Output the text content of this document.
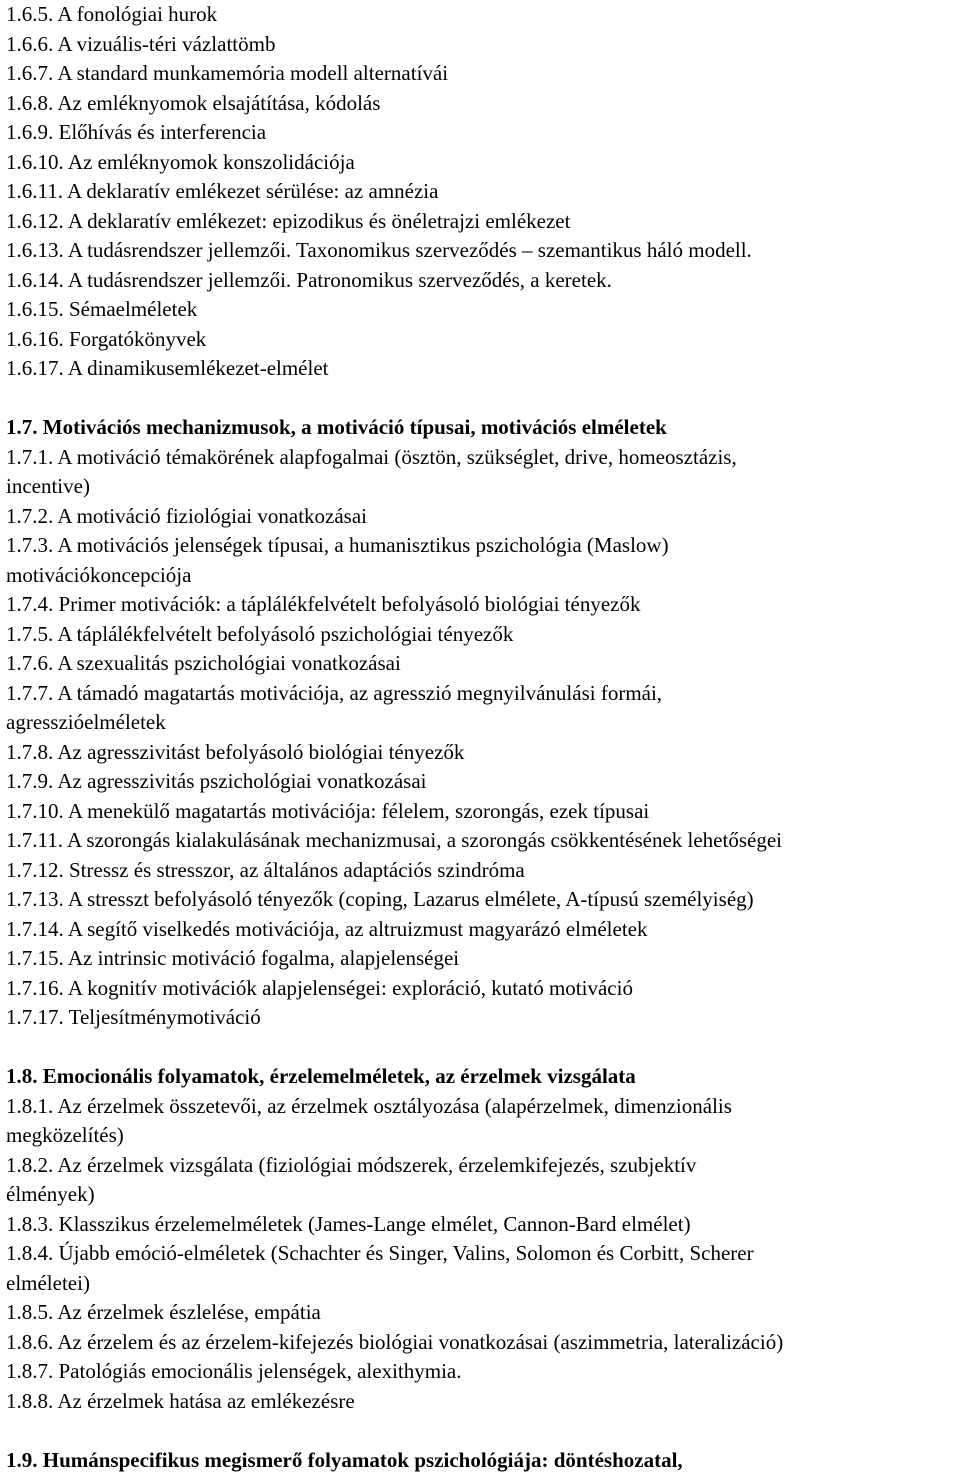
1.6.5. A fonológiai hurok
1.6.6. A vizuális-téri vázlattömb
1.6.7. A standard munkamemória modell alternatívái
1.6.8. Az emléknyomok elsajátítása, kódolás
1.6.9. Előhívás és interferencia
1.6.10. Az emléknyomok konszolidációja
1.6.11. A deklaratív emlékezet sérülése: az amnézia
1.6.12. A deklaratív emlékezet: epizodikus és önéletrajzi emlékezet
1.6.13. A tudásrendszer jellemzői. Taxonomikus szerveződés – szemantikus háló modell.
1.6.14. A tudásrendszer jellemzői. Patronomikus szerveződés, a keretek.
1.6.15. Sémaelméletek
1.6.16. Forgatókönyvek
1.6.17. A dinamikusemlékezet-elmélet
1.7. Motivációs mechanizmusok, a motiváció típusai, motivációs elméletek
1.7.1. A motiváció témakörének alapfogalmai (ösztön, szükséglet, drive, homeosztázis,
incentive)
1.7.2. A motiváció fiziológiai vonatkozásai
1.7.3. A motivációs jelenségek típusai, a humanisztikus pszichológia (Maslow)
motivációkoncepciója
1.7.4. Primer motivációk: a táplálékfelvételt befolyásoló biológiai tényezők
1.7.5. A táplálékfelvételt befolyásoló pszichológiai tényezők
1.7.6. A szexualitás pszichológiai vonatkozásai
1.7.7. A támadó magatartás motivációja, az agresszió megnyilvánulási formái,
agresszióelméletek
1.7.8. Az agresszivitást befolyásoló biológiai tényezők
1.7.9. Az agresszivitás pszichológiai vonatkozásai
1.7.10. A menekülő magatartás motivációja: félelem, szorongás, ezek típusai
1.7.11. A szorongás kialakulásának mechanizmusai, a szorongás csökkentésének lehetőségei
1.7.12. Stressz és stresszor, az általános adaptációs szindróma
1.7.13. A stresszt befolyásoló tényezők (coping, Lazarus elmélete, A-típusú személyiség)
1.7.14. A segítő viselkedés motivációja, az altruizmust magyarázó elméletek
1.7.15. Az intrinsic motiváció fogalma, alapjelenségei
1.7.16. A kognitív motivációk alapjelenségei: exploráció, kutató motiváció
1.7.17. Teljesítménymotiváció
1.8. Emocionális folyamatok, érzelemelméletek, az érzelmek vizsgálata
1.8.1. Az érzelmek összetevői, az érzelmek osztályozása (alapérzelmek, dimenzionális
megközelítés)
1.8.2. Az érzelmek vizsgálata (fiziológiai módszerek, érzelemkifejezés, szubjektív
élmények)
1.8.3. Klasszikus érzelemelméletek (James-Lange elmélet, Cannon-Bard elmélet)
1.8.4. Újabb emóció-elméletek (Schachter és Singer, Valins, Solomon és Corbitt, Scherer
elméletei)
1.8.5. Az érzelmek észlelése, empátia
1.8.6. Az érzelem és az érzelem-kifejezés biológiai vonatkozásai (aszimmetria, lateralizáció)
1.8.7. Patológiás emocionális jelenségek, alexithymia.
1.8.8. Az érzelmek hatása az emlékezésre
1.9. Humánspecifikus megismerő folyamatok pszichológiája: döntéshozatal,
